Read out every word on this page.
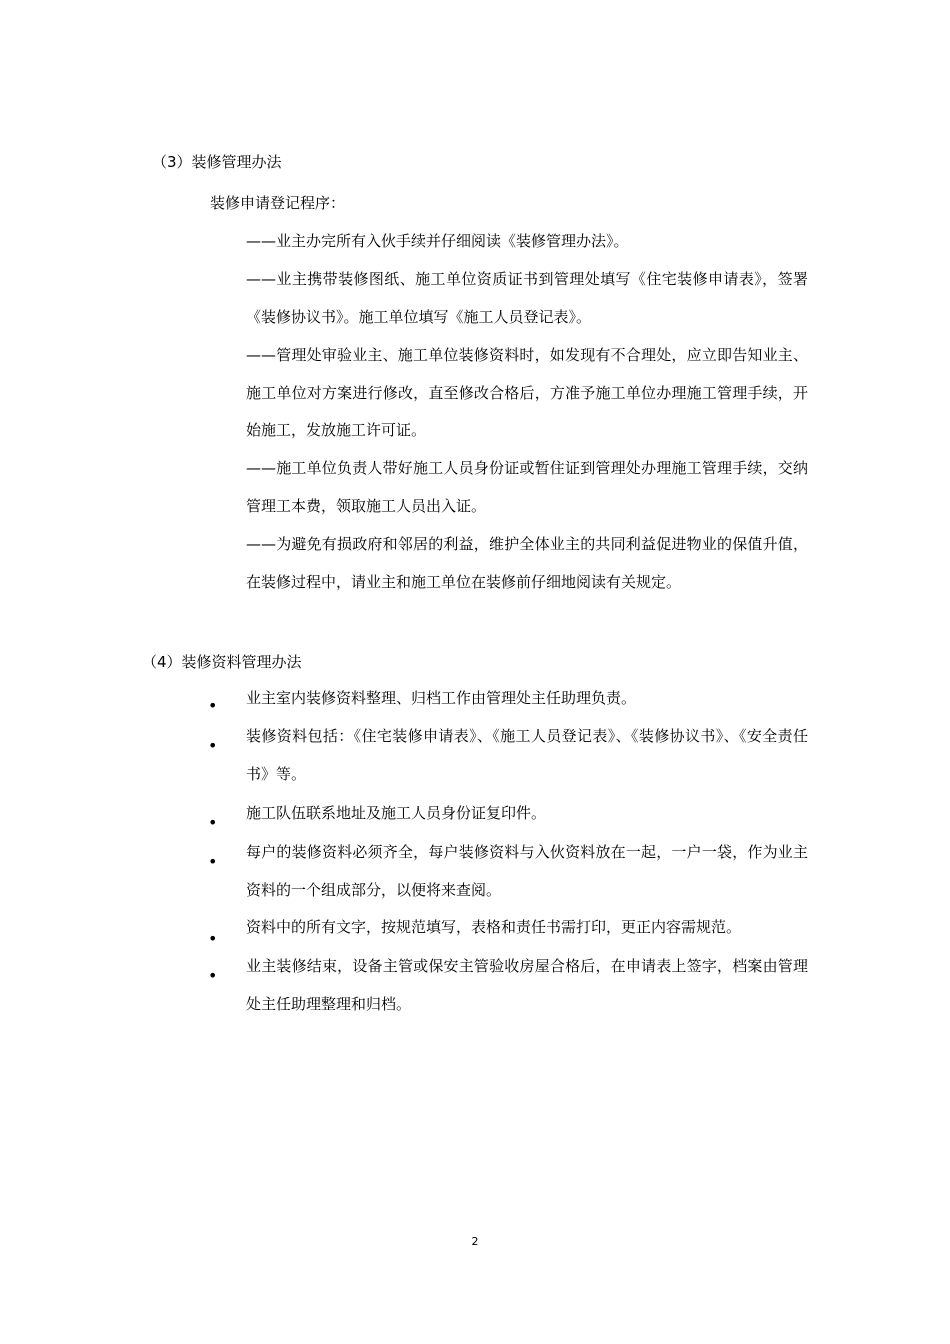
（3）装修管理办法
装修申请登记程序：

——业主办完所有入伙手续并仔细阅读《装修管理办法》。

——业主携带装修图纸、施工单位资质证书到管理处填写《住宅装修申请表》，签署《装修协议书》。施工单位填写《施工人员登记表》。

——管理处审验业主、施工单位装修资料时，如发现有不合理处，应立即告知业主、施工单位对方案进行修改，直至修改合格后，方准予施工单位办理施工管理手续，开始施工，发放施工许可证。

——施工单位负责人带好施工人员身份证或暂住证到管理处办理施工管理手续，交纳管理工本费，领取施工人员出入证。

——为避免有损政府和邻居的利益，维护全体业主的共同利益促进物业的保值升值，在装修过程中，请业主和施工单位在装修前仔细地阅读有关规定。

（4）装修资料管理办法
• 业主室内装修资料整理、归档工作由管理处主任助理负责。

• 装修资料包括：《住宅装修申请表》、《施工人员登记表》、《装修协议书》、《安全责任书》等。

• 施工队伍联系地址及施工人员身份证复印件。

• 每户的装修资料必须齐全，每户装修资料与入伙资料放在一起，一户一袋，作为业主资料的一个组成部分，以便将来查阅。

•

资料中的所有文字，按规范填写，表格和责任书需打印，更正内容需规范。

• 业主装修结束，设备主管或保安主管验收房屋合格后，在申请表上签字，档案由管理处主任助理整理和归档。

2
